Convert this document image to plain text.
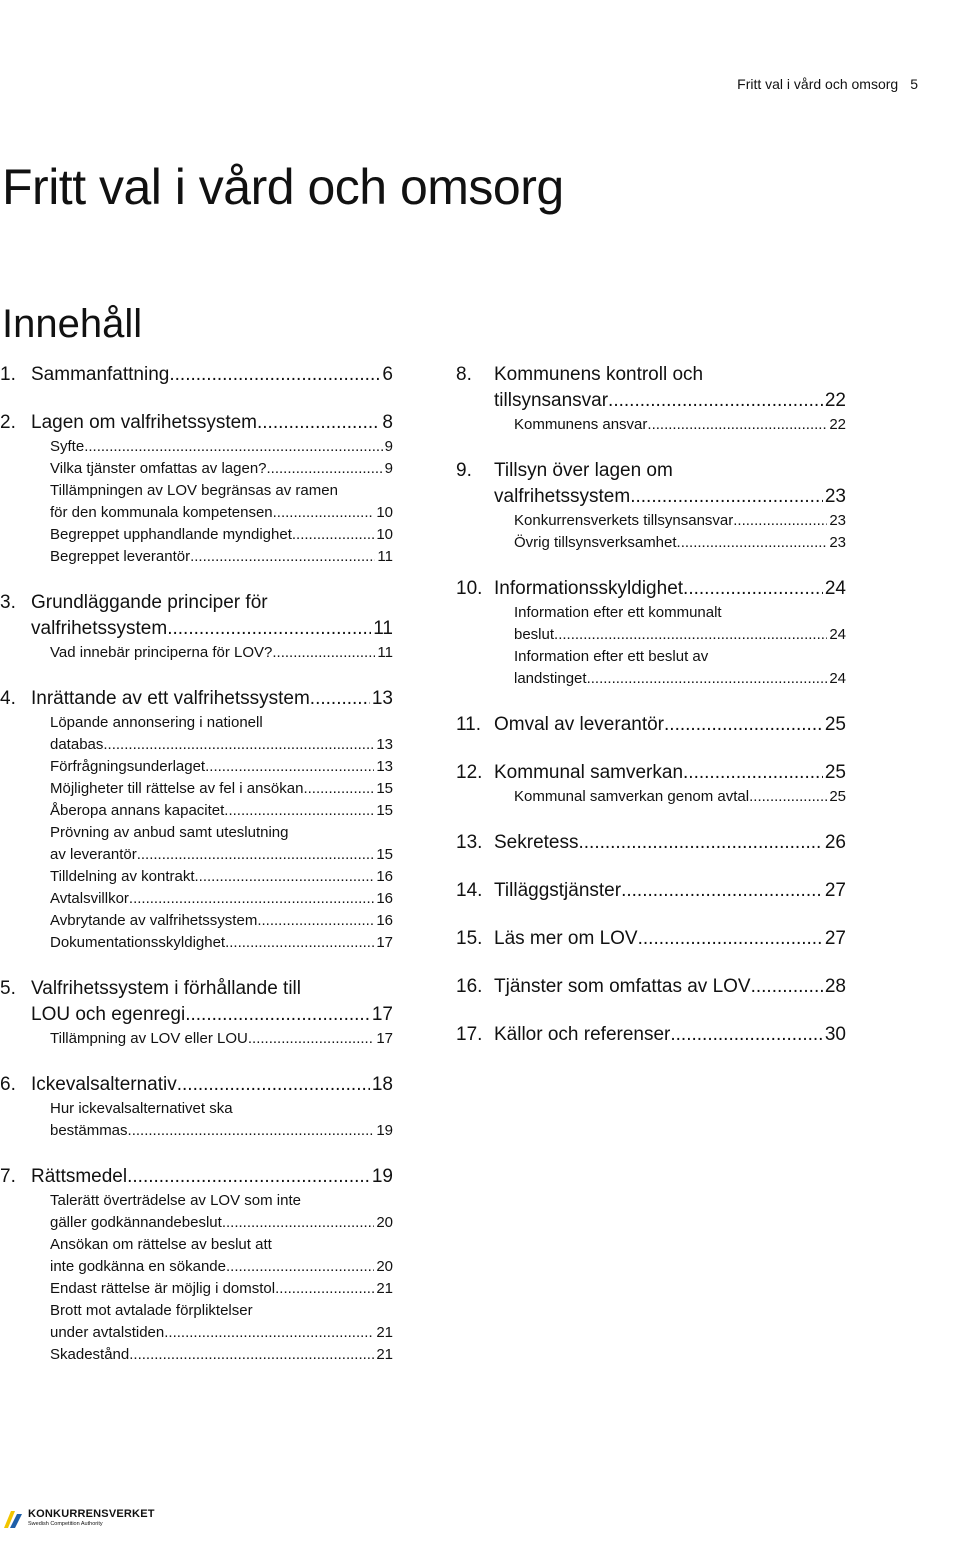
Fritt val i vård och omsorg 5
Fritt val i vård och omsorg
Innehåll
1. Sammanfattning .....	6
2. Lagen om valfrihetssystem .....	8
Syfte .....	9
Vilka tjänster omfattas av lagen? .....	9
Tillämpningen av LOV begränsas av ramen
för den kommunala kompetensen .....	10
Begreppet upphandlande myndighet .....	10
Begreppet leverantör .....	11
3. Grundläggande principer för
valfrihetssystem .....	11
Vad innebär principerna för LOV? .....	11
4. Inrättande av ett valfrihetssystem .....	13
Löpande annonsering i nationell
databas .....	13
Förfrågningsunderlaget .....	13
Möjligheter till rättelse av fel i ansökan .....	15
Åberopa annans kapacitet .....	15
Prövning av anbud samt uteslutning
av leverantör .....	15
Tilldelning av kontrakt .....	16
Avtalsvillkor .....	16
Avbrytande av valfrihetssystem .....	16
Dokumentationsskyldighet .....	17
5. Valfrihetssystem i förhållande till
LOU och egenregi .....	17
Tillämpning av LOV eller LOU .....	17
6. Ickevalsalternativ .....	18
Hur ickevalsalternativet ska
bestämmas .....	19
7. Rättsmedel .....	19
Talerätt överträdelse av LOV som inte
gäller godkännandebeslut .....	20
Ansökan om rättelse av beslut att
inte godkänna en sökande .....	20
Endast rättelse är möjlig i domstol .....	21
Brott mot avtalade förpliktelser
under avtalstiden .....	21
Skadestånd .....	21
8.	Kommunens kontroll och
tillsynsansvar .....	22
Kommunens ansvar .....	22
9.	Tillsyn över lagen om
valfrihetssystem .....	23
Konkurrensverkets tillsynsansvar .....	23
Övrig tillsynsverksamhet .....	23
10. Informationsskyldighet .....	24
Information efter ett kommunalt
beslut .....	24
Information efter ett beslut av
landstinget .....	24
11. Omval av leverantör .....	25
12. Kommunal samverkan .....	25
Kommunal samverkan genom avtal .....	25
13. Sekretess .....	26
14. Tilläggstjänster .....	27
15. Läs mer om LOV .....	27
16. Tjänster som omfattas av LOV .....	28
17. Källor och referenser .....	30
KONKURRENSVERKET
Swedish Competition Authority
